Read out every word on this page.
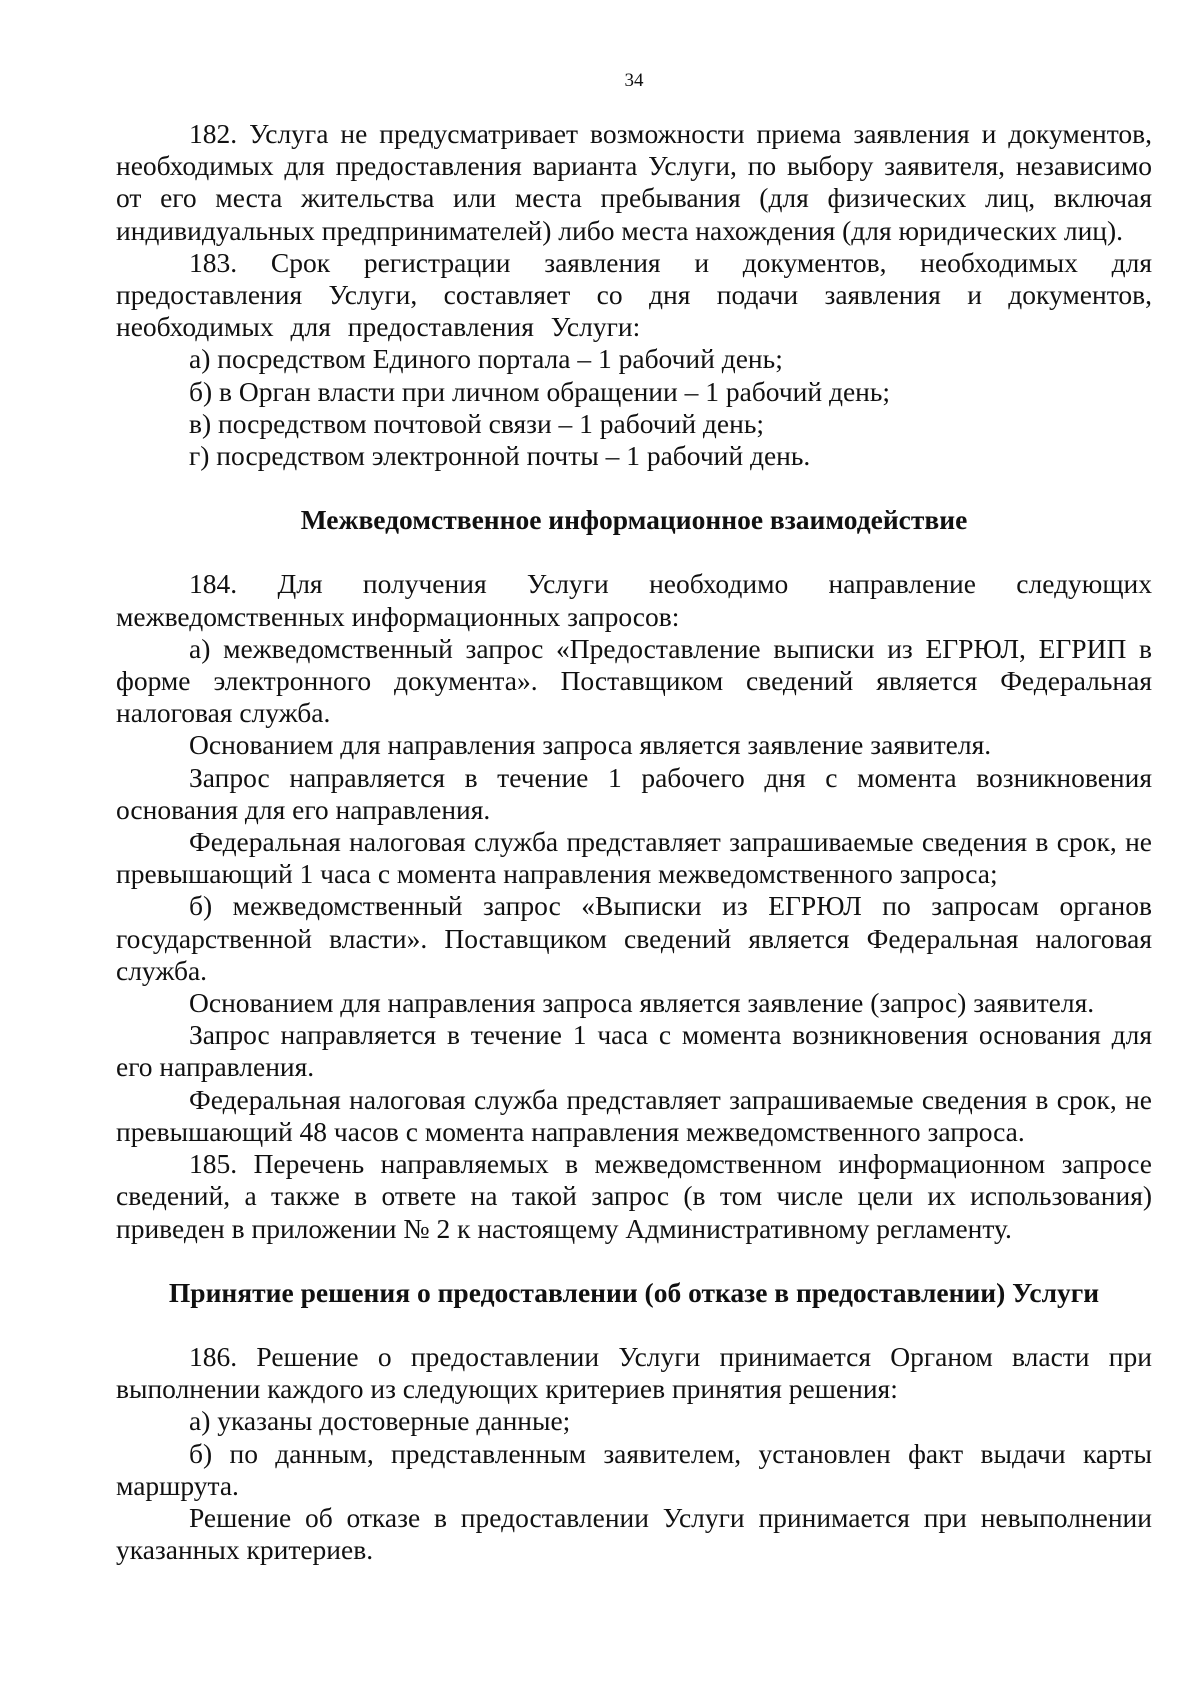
34

182. Услуга не предусматривает возможности приема заявления и документов, необходимых для предоставления варианта Услуги, по выбору заявителя, независимо от его места жительства или места пребывания (для физических лиц, включая индивидуальных предпринимателей) либо места нахождения (для юридических лиц).

183. Срок регистрации заявления и документов, необходимых для предоставления Услуги, составляет со дня подачи заявления и документов, необходимых для предоставления Услуги:

а) посредством Единого портала – 1 рабочий день;

б) в Орган власти при личном обращении – 1 рабочий день;

в) посредством почтовой связи – 1 рабочий день;

г) посредством электронной почты – 1 рабочий день.

Межведомственное информационное взаимодействие

184. Для получения Услуги необходимо направление следующих межведомственных информационных запросов:

а) межведомственный запрос «Предоставление выписки из ЕГРЮЛ, ЕГРИП в форме электронного документа». Поставщиком сведений является Федеральная налоговая служба.

Основанием для направления запроса является заявление заявителя.

Запрос направляется в течение 1 рабочего дня с момента возникновения основания для его направления.

Федеральная налоговая служба представляет запрашиваемые сведения в срок, не превышающий 1 часа с момента направления межведомственного запроса;

б) межведомственный запрос «Выписки из ЕГРЮЛ по запросам органов государственной власти». Поставщиком сведений является Федеральная налоговая служба.

Основанием для направления запроса является заявление (запрос) заявителя.

Запрос направляется в течение 1 часа с момента возникновения основания для его направления.

Федеральная налоговая служба представляет запрашиваемые сведения в срок, не превышающий 48 часов с момента направления межведомственного запроса.

185. Перечень направляемых в межведомственном информационном запросе сведений, а также в ответе на такой запрос (в том числе цели их использования) приведен в приложении № 2 к настоящему Административному регламенту.

Принятие решения о предоставлении (об отказе в предоставлении) Услуги

186. Решение о предоставлении Услуги принимается Органом власти при выполнении каждого из следующих критериев принятия решения:

а) указаны достоверные данные;

б) по данным, представленным заявителем, установлен факт выдачи карты маршрута.

Решение об отказе в предоставлении Услуги принимается при невыполнении указанных критериев.
